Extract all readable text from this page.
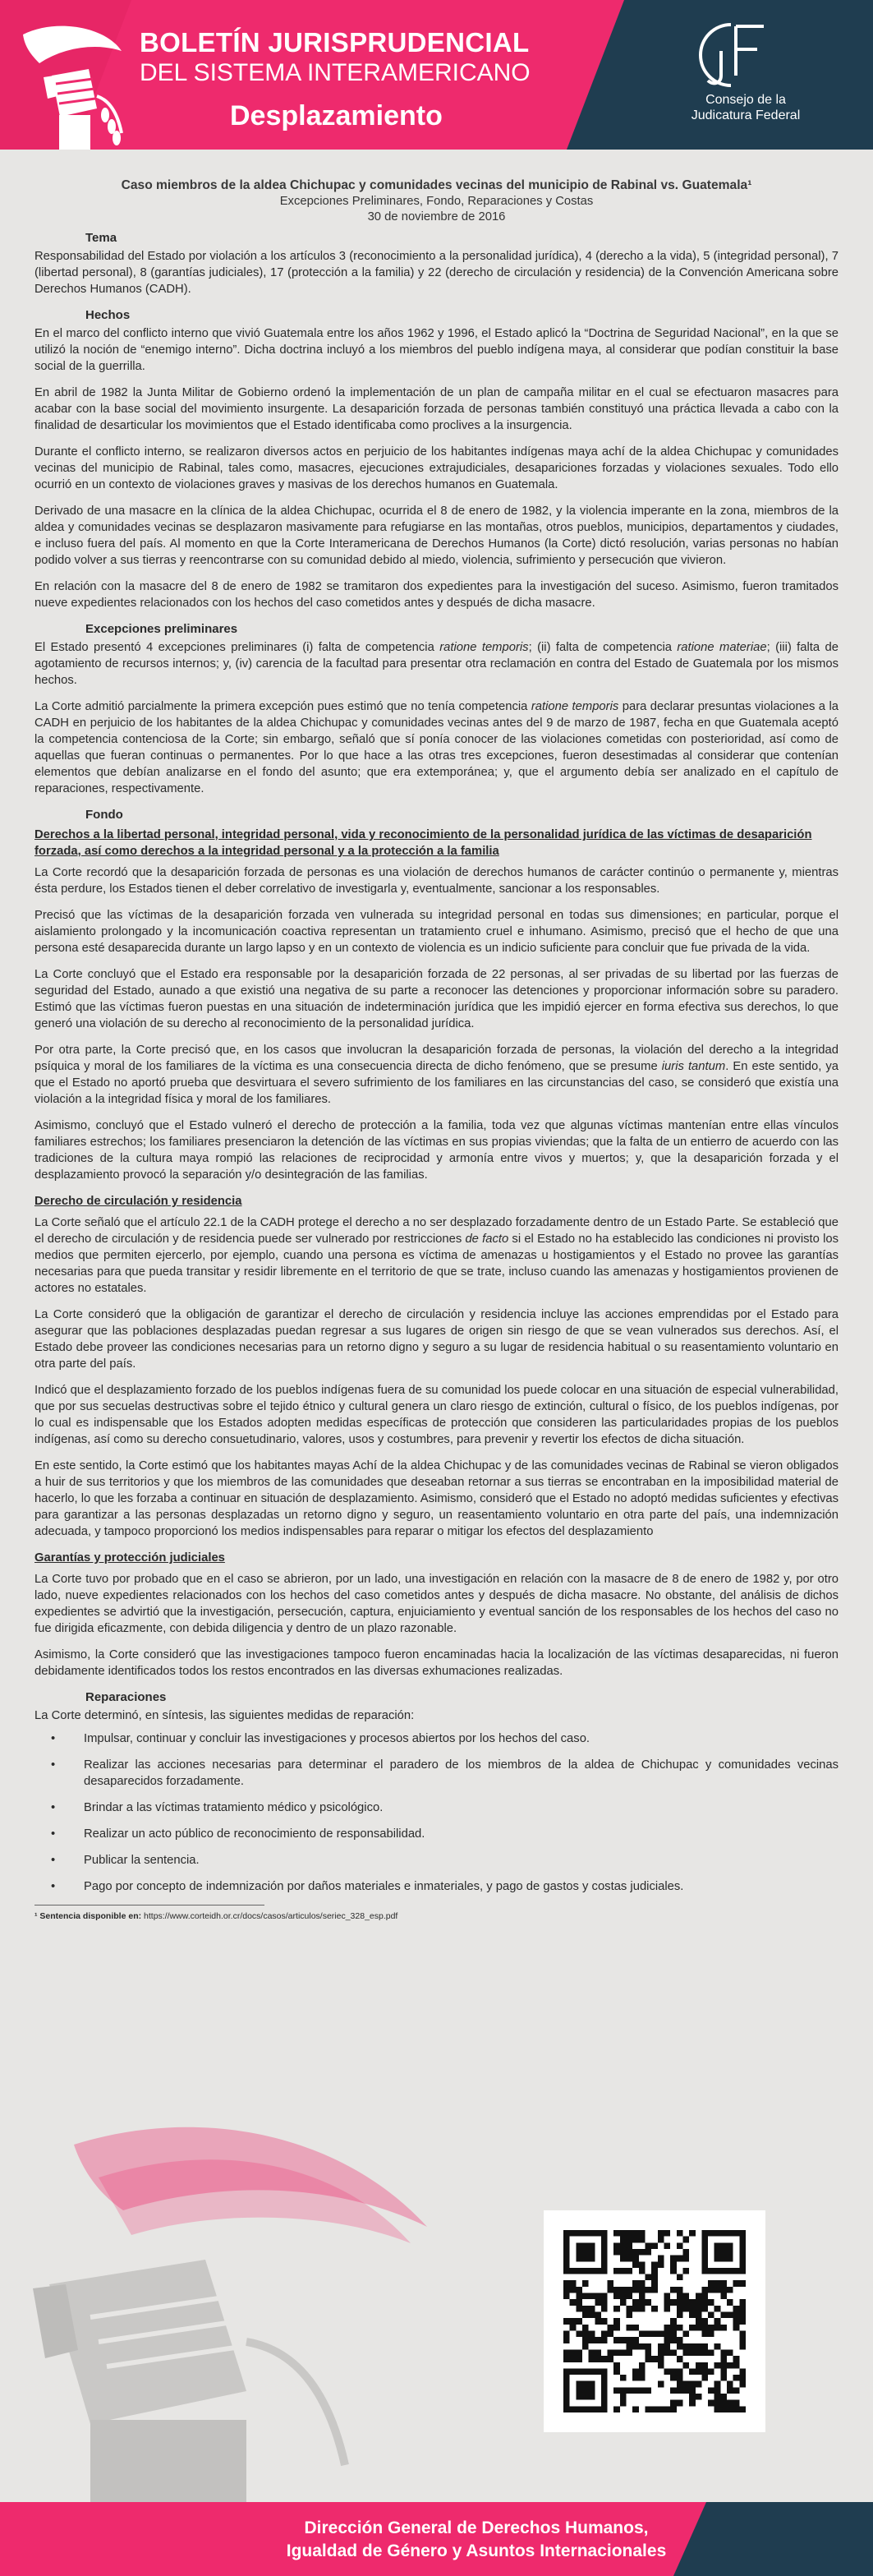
BOLETÍN JURISPRUDENCIAL
DEL SISTEMA INTERAMERICANO
Desplazamiento
Consejo de la
Judicatura Federal
Caso miembros de la aldea Chichupac y comunidades vecinas del municipio de Rabinal vs. Guatemala¹
Excepciones Preliminares, Fondo, Reparaciones y Costas
30 de noviembre de 2016
Tema

Responsabilidad del Estado por violación a los artículos 3 (reconocimiento a la personalidad jurídica), 4 (derecho a la vida), 5 (integridad personal), 7 (libertad personal), 8 (garantías judiciales), 17 (protección a la familia) y 22 (derecho de circulación y residencia) de la Convención Americana sobre Derechos Humanos (CADH).

Hechos

En el marco del conflicto interno que vivió Guatemala entre los años 1962 y 1996, el Estado aplicó la “Doctrina de Seguridad Nacional”, en la que se utilizó la noción de “enemigo interno”. Dicha doctrina incluyó a los miembros del pueblo indígena maya, al considerar que podían constituir la base social de la guerrilla.

En abril de 1982 la Junta Militar de Gobierno ordenó la implementación de un plan de campaña militar en el cual se efectuaron masacres para acabar con la base social del movimiento insurgente. La desaparición forzada de personas también constituyó una práctica llevada a cabo con la finalidad de desarticular los movimientos que el Estado identificaba como proclives a la insurgencia.

Durante el conflicto interno, se realizaron diversos actos en perjuicio de los habitantes indígenas maya achí de la aldea Chichupac y comunidades vecinas del municipio de Rabinal, tales como, masacres, ejecuciones extrajudiciales, desapariciones forzadas y violaciones sexuales. Todo ello ocurrió en un contexto de violaciones graves y masivas de los derechos humanos en Guatemala.

Derivado de una masacre en la clínica de la aldea Chichupac, ocurrida el 8 de enero de 1982, y la violencia imperante en la zona, miembros de la aldea y comunidades vecinas se desplazaron masivamente para refugiarse en las montañas, otros pueblos, municipios, departamentos y ciudades, e incluso fuera del país. Al momento en que la Corte Interamericana de Derechos Humanos (la Corte) dictó resolución, varias personas no habían podido volver a sus tierras y reencontrarse con su comunidad debido al miedo, violencia, sufrimiento y persecución que vivieron.

En relación con la masacre del 8 de enero de 1982 se tramitaron dos expedientes para la investigación del suceso. Asimismo, fueron tramitados nueve expedientes relacionados con los hechos del caso cometidos antes y después de dicha masacre.

Excepciones preliminares

El Estado presentó 4 excepciones preliminares (i) falta de competencia ratione temporis; (ii) falta de competencia ratione materiae; (iii) falta de agotamiento de recursos internos; y, (iv) carencia de la facultad para presentar otra reclamación en contra del Estado de Guatemala por los mismos hechos.

La Corte admitió parcialmente la primera excepción pues estimó que no tenía competencia ratione temporis para declarar presuntas violaciones a la CADH en perjuicio de los habitantes de la aldea Chichupac y comunidades vecinas antes del 9 de marzo de 1987, fecha en que Guatemala aceptó la competencia contenciosa de la Corte; sin embargo, señaló que sí ponía conocer de las violaciones cometidas con posterioridad, así como de aquellas que fueran continuas o permanentes. Por lo que hace a las otras tres excepciones, fueron desestimadas al considerar que contenían elementos que debían analizarse en el fondo del asunto; que era extemporánea; y, que el argumento debía ser analizado en el capítulo de reparaciones, respectivamente.

Fondo
Derechos a la libertad personal, integridad personal, vida y reconocimiento de la personalidad jurídica de las víctimas de desaparición forzada, así como derechos a la integridad personal y a la protección a la familia

La Corte recordó que la desaparición forzada de personas es una violación de derechos humanos de carácter continúo o permanente y, mientras ésta perdure, los Estados tienen el deber correlativo de investigarla y, eventualmente, sancionar a los responsables.

Precisó que las víctimas de la desaparición forzada ven vulnerada su integridad personal en todas sus dimensiones; en particular, porque el aislamiento prolongado y la incomunicación coactiva representan un tratamiento cruel e inhumano. Asimismo, precisó que el hecho de que una persona esté desaparecida durante un largo lapso y en un contexto de violencia es un indicio suficiente para concluir que fue privada de la vida.

La Corte concluyó que el Estado era responsable por la desaparición forzada de 22 personas, al ser privadas de su libertad por las fuerzas de seguridad del Estado, aunado a que existió una negativa de su parte a reconocer las detenciones y proporcionar información sobre su paradero. Estimó que las víctimas fueron puestas en una situación de indeterminación jurídica que les impidió ejercer en forma efectiva sus derechos, lo que generó una violación de su derecho al reconocimiento de la personalidad jurídica.

Por otra parte, la Corte precisó que, en los casos que involucran la desaparición forzada de personas, la violación del derecho a la integridad psíquica y moral de los familiares de la víctima es una consecuencia directa de dicho fenómeno, que se presume iuris tantum. En este sentido, ya que el Estado no aportó prueba que desvirtuara el severo sufrimiento de los familiares en las circunstancias del caso, se consideró que existía una violación a la integridad física y moral de los familiares.

Asimismo, concluyó que el Estado vulneró el derecho de protección a la familia, toda vez que algunas víctimas mantenían entre ellas vínculos familiares estrechos; los familiares presenciaron la detención de las víctimas en sus propias viviendas; que la falta de un entierro de acuerdo con las tradiciones de la cultura maya rompió las relaciones de reciprocidad y armonía entre vivos y muertos; y, que la desaparición forzada y el desplazamiento provocó la separación y/o desintegración de las familias.

Derecho de circulación y residencia

La Corte señaló que el artículo 22.1 de la CADH protege el derecho a no ser desplazado forzadamente dentro de un Estado Parte. Se estableció que el derecho de circulación y de residencia puede ser vulnerado por restricciones de facto si el Estado no ha establecido las condiciones ni provisto los medios que permiten ejercerlo, por ejemplo, cuando una persona es víctima de amenazas u hostigamientos y el Estado no provee las garantías necesarias para que pueda transitar y residir libremente en el territorio de que se trate, incluso cuando las amenazas y hostigamientos provienen de actores no estatales.

La Corte consideró que la obligación de garantizar el derecho de circulación y residencia incluye las acciones emprendidas por el Estado para asegurar que las poblaciones desplazadas puedan regresar a sus lugares de origen sin riesgo de que se vean vulnerados sus derechos. Así, el Estado debe proveer las condiciones necesarias para un retorno digno y seguro a su lugar de residencia habitual o su reasentamiento voluntario en otra parte del país.

Indicó que el desplazamiento forzado de los pueblos indígenas fuera de su comunidad los puede colocar en una situación de especial vulnerabilidad, que por sus secuelas destructivas sobre el tejido étnico y cultural genera un claro riesgo de extinción, cultural o físico, de los pueblos indígenas, por lo cual es indispensable que los Estados adopten medidas específicas de protección que consideren las particularidades propias de los pueblos indígenas, así como su derecho consuetudinario, valores, usos y costumbres, para prevenir y revertir los efectos de dicha situación.

En este sentido, la Corte estimó que los habitantes mayas Achí de la aldea Chichupac y de las comunidades vecinas de Rabinal se vieron obligados a huir de sus territorios y que los miembros de las comunidades que deseaban retornar a sus tierras se encontraban en la imposibilidad material de hacerlo, lo que les forzaba a continuar en situación de desplazamiento. Asimismo, consideró que el Estado no adoptó medidas suficientes y efectivas para garantizar a las personas desplazadas un retorno digno y seguro, un reasentamiento voluntario en otra parte del país, una indemnización adecuada, y tampoco proporcionó los medios indispensables para reparar o mitigar los efectos del desplazamiento

Garantías y protección judiciales

La Corte tuvo por probado que en el caso se abrieron, por un lado, una investigación en relación con la masacre de 8 de enero de 1982 y, por otro lado, nueve expedientes relacionados con los hechos del caso cometidos antes y después de dicha masacre. No obstante, del análisis de dichos expedientes se advirtió que la investigación, persecución, captura, enjuiciamiento y eventual sanción de los responsables de los hechos del caso no fue dirigida eficazmente, con debida diligencia y dentro de un plazo razonable.

Asimismo, la Corte consideró que las investigaciones tampoco fueron encaminadas hacia la localización de las víctimas desaparecidas, ni fueron debidamente identificados todos los restos encontrados en las diversas exhumaciones realizadas.

Reparaciones

La Corte determinó, en síntesis, las siguientes medidas de reparación:

• Impulsar, continuar y concluir las investigaciones y procesos abiertos por los hechos del caso.
• Realizar las acciones necesarias para determinar el paradero de los miembros de la aldea de Chichupac y comunidades vecinas desaparecidos forzadamente.
• Brindar a las víctimas tratamiento médico y psicológico.
• Realizar un acto público de reconocimiento de responsabilidad.
• Publicar la sentencia.
• Pago por concepto de indemnización por daños materiales e inmateriales, y pago de gastos y costas judiciales.
¹ Sentencia disponible en: https://www.corteidh.or.cr/docs/casos/articulos/seriec_328_esp.pdf
Dirección General de Derechos Humanos,
Igualdad de Género y Asuntos Internacionales
